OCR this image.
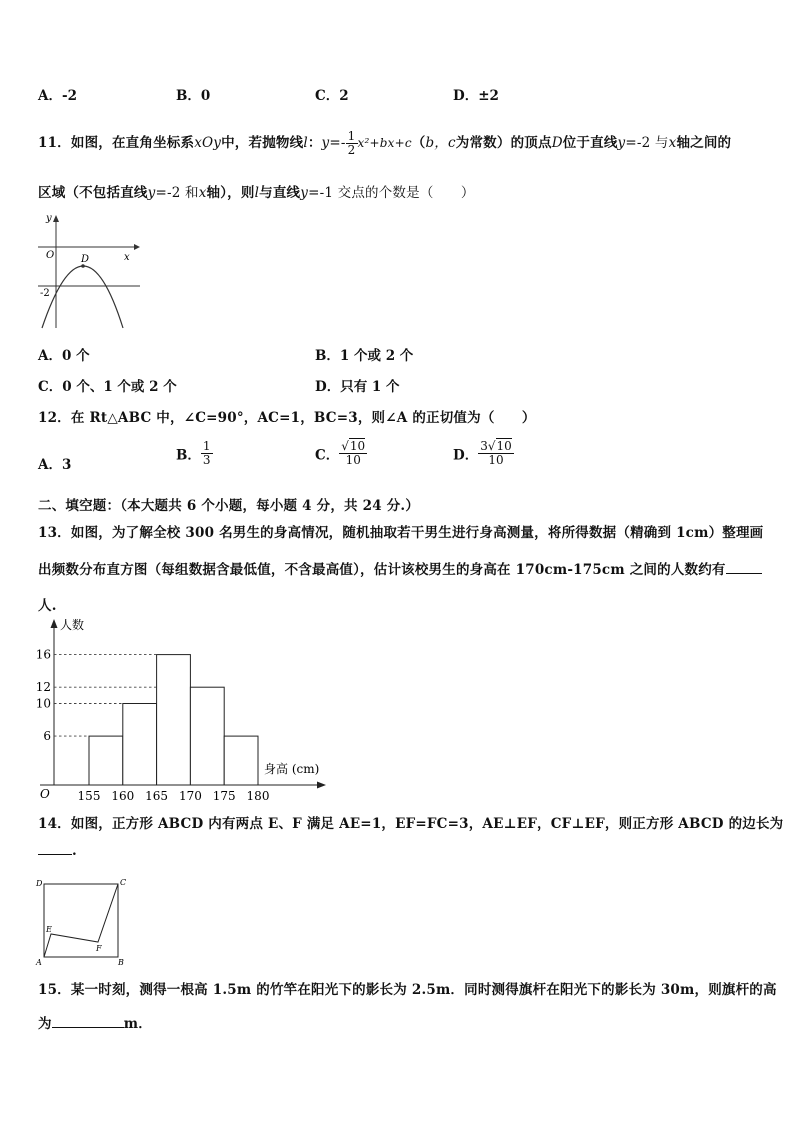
A．-2	B．0	C．2	D．±2
11．如图，在直角坐标系xOy中，若抛物线l：$y=- \frac{1}{2} x^2+bx+c(b$，c为常数）的顶点D位于直线y=-2 与x轴之间的
区域（不包括直线y=-2 和x轴），则l与直线y=-1 交点的个数是（　　）
y
x
O	D
-2
A．0 个	B．1 个或 2 个
C．0 个、1 个或 2 个	D．只有 1 个
12．在 Rt△ABC 中，∠C=90°，AC=1，BC=3，则∠A 的正切值为（　　）
A．3
B． $\frac{1}{3}$	C． $\frac{√10}{10}$	D． $\frac{3√10}{10}$
二、填空题：（本大题共 6 个小题，每小题 4 分，共 24 分.）
13．如图，为了解全校 300 名男生的身高情况，随机抽取若干男生进行身高测量，将所得数据（精确到 1cm）整理画
出频数分布直方图（每组数据含最低值，不含最高值），估计该校男生的身高在 170cm-175cm 之间的人数约有
人.
6
10
12
16
155 160 165 170 175 180
人数
身高 (cm)
O
14．如图，正方形 ABCD 内有两点 E、F 满足 AE=1，EF=FC=3，AE⊥EF，CF⊥EF，则正方形 ABCD 的边长为
.
D	C
E
F
A	B
15．某一时刻，测得一根高 1.5m 的竹竿在阳光下的影长为 2.5m．同时测得旗杆在阳光下的影长为 30m，则旗杆的高
为	m．
